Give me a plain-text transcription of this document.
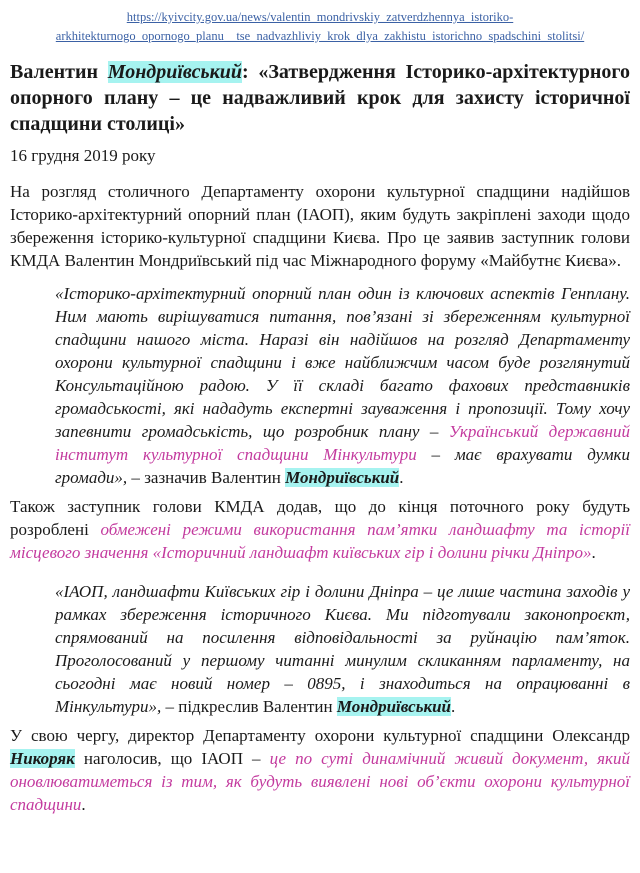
https://kyivcity.gov.ua/news/valentin_mondrivskiy_zatverdzhennya_istoriko-
arkhitekturnogo_opornogo_planu__tse_nadvazhliviy_krok_dlya_zakhistu_istorichno_spadschini_stolitsi/
Валентин Мондриївський: «Затвердження Історико-архітектурного опорного плану – це надважливий крок для захисту історичної спадщини столиці»
16 грудня 2019 року

На розгляд столичного Департаменту охорони культурної спадщини надійшов Історико-архітектурний опорний план (ІАОП), яким будуть закріплені заходи щодо збереження історико-культурної спадщини Києва. Про це заявив заступник голови КМДА Валентин Мондриївський під час Міжнародного форуму «Майбутнє Києва».

«Історико-архітектурний опорний план один із ключових аспектів Генплану. Ним мають вирішуватися питання, пов’язані зі збереженням культурної спадщини нашого міста. Наразі він надійшов на розгляд Департаменту охорони культурної спадщини і вже найближчим часом буде розглянутий Консультаційною радою. У її складі багато фахових представників громадськості, які нададуть експертні зауваження і пропозиції. Тому хочу запевнити громадськість, що розробник плану – Український державний інститут культурної спадщини Мінкультури – має врахувати думки громади», – зазначив Валентин Мондриївський.

Також заступник голови КМДА додав, що до кінця поточного року будуть розроблені обмежені режими використання пам’ятки ландшафту та історії місцевого значення «Історичний ландшафт київських гір і долини річки Дніпро».

«ІАОП, ландшафти Київських гір і долини Дніпра – це лише частина заходів у рамках збереження історичного Києва. Ми підготували законопроєкт, спрямований на посилення відповідальності за руйнацію пам’яток. Проголосований у першому читанні минулим скликанням парламенту, на сьогодні має новий номер – 0895, і знаходиться на опрацюванні в Мінкультури», – підкреслив Валентин Мондриївський.

У свою чергу, директор Департаменту охорони культурної спадщини Олександр Никоряк наголосив, що ІАОП – це по суті динамічний живий документ, який оновлюватиметься із тим, як будуть виявлені нові об’єкти охорони культурної спадщини.
